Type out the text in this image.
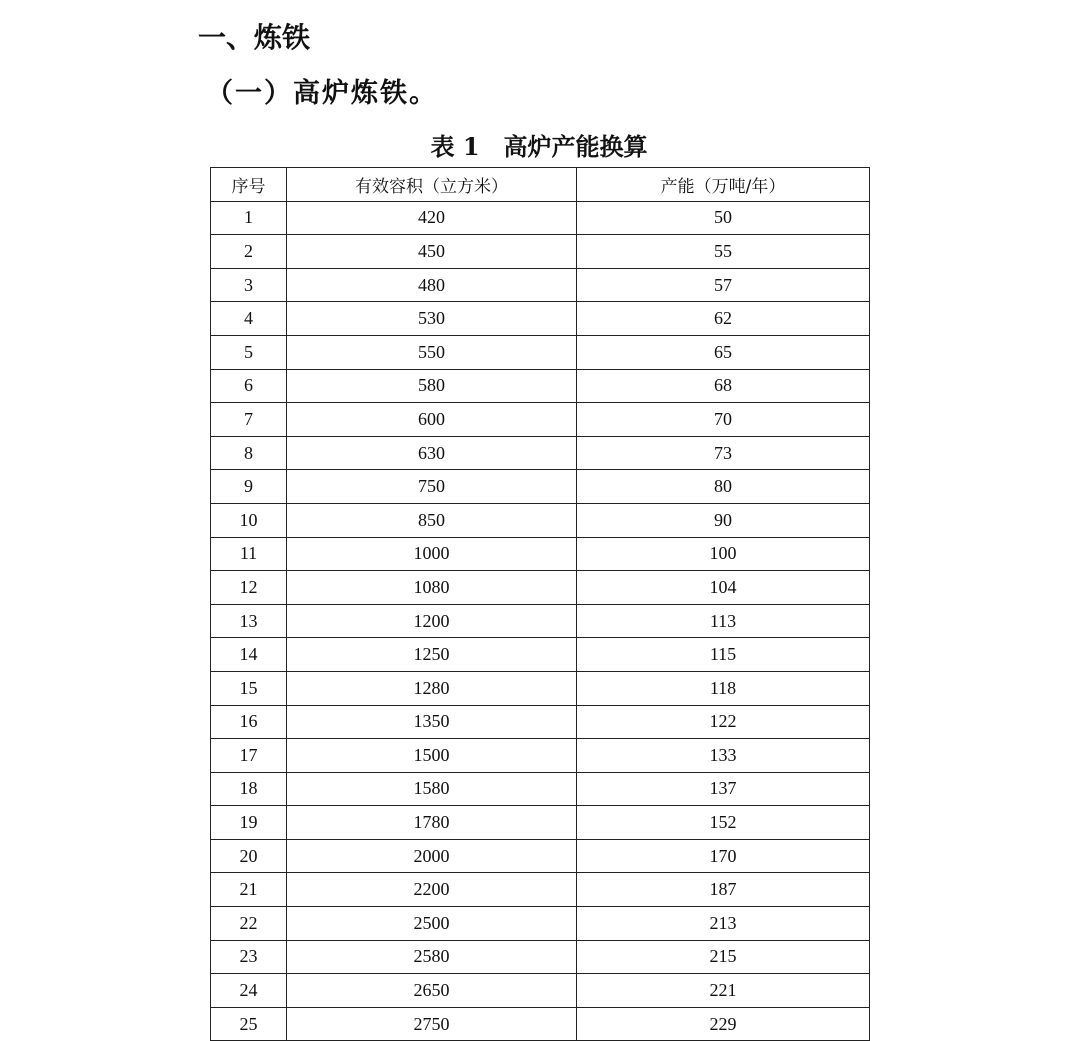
一、炼铁
（一）高炉炼铁。
表 1　高炉产能换算
序号	有效容积（立方米）	产能（万吨/年）
1	420	50
2	450	55
3	480	57
4	530	62
5	550	65
6	580	68
7	600	70
8	630	73
9	750	80
10	850	90
11	1000	100
12	1080	104
13	1200	113
14	1250	115
15	1280	118
16	1350	122
17	1500	133
18	1580	137
19	1780	152
20	2000	170
21	2200	187
22	2500	213
23	2580	215
24	2650	221
25	2750	229
